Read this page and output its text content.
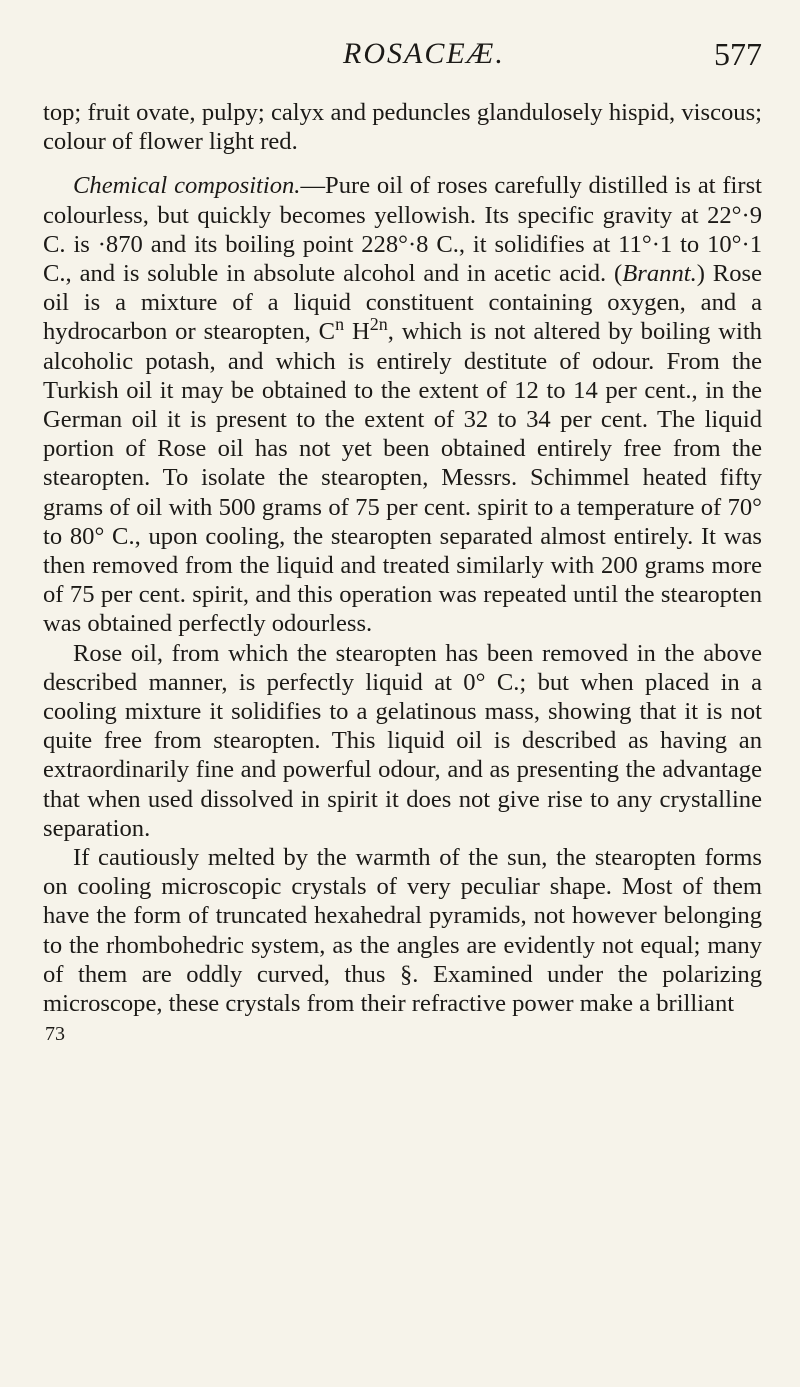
ROSACEÆ.	577

top; fruit ovate, pulpy; calyx and peduncles glandulosely hispid, viscous; colour of flower light red.

Chemical composition.—Pure oil of roses carefully distilled is at first colourless, but quickly becomes yellowish. Its specific gravity at 22°·9 C. is ·870 and its boiling point 228°·8 C., it solidifies at 11°·1 to 10°·1 C., and is soluble in absolute alcohol and in acetic acid. (Brannt.) Rose oil is a mixture of a liquid constituent containing oxygen, and a hydrocarbon or stearopten, $C^n$ $H^{2n}$, which is not altered by boiling with alcoholic potash, and which is entirely destitute of odour. From the Turkish oil it may be obtained to the extent of 12 to 14 per cent., in the German oil it is present to the extent of 32 to 34 per cent. The liquid portion of Rose oil has not yet been obtained entirely free from the stearopten. To isolate the stearopten, Messrs. Schimmel heated fifty grams of oil with 500 grams of 75 per cent. spirit to a temperature of 70° to 80° C., upon cooling, the stearopten separated almost entirely. It was then removed from the liquid and treated similarly with 200 grams more of 75 per cent. spirit, and this operation was repeated until the stearopten was obtained perfectly odourless.

Rose oil, from which the stearopten has been removed in the above described manner, is perfectly liquid at 0° C.; but when placed in a cooling mixture it solidifies to a gelatinous mass, showing that it is not quite free from stearopten. This liquid oil is described as having an extraordinarily fine and powerful odour, and as presenting the advantage that when used dissolved in spirit it does not give rise to any crystalline separation.

If cautiously melted by the warmth of the sun, the stearopten forms on cooling microscopic crystals of very peculiar shape. Most of them have the form of truncated hexahedral pyramids, not however belonging to the rhombohedric system, as the angles are evidently not equal; many of them are oddly curved, thus §. Examined under the polarizing microscope, these crystals from their refractive power make a brilliant

73
